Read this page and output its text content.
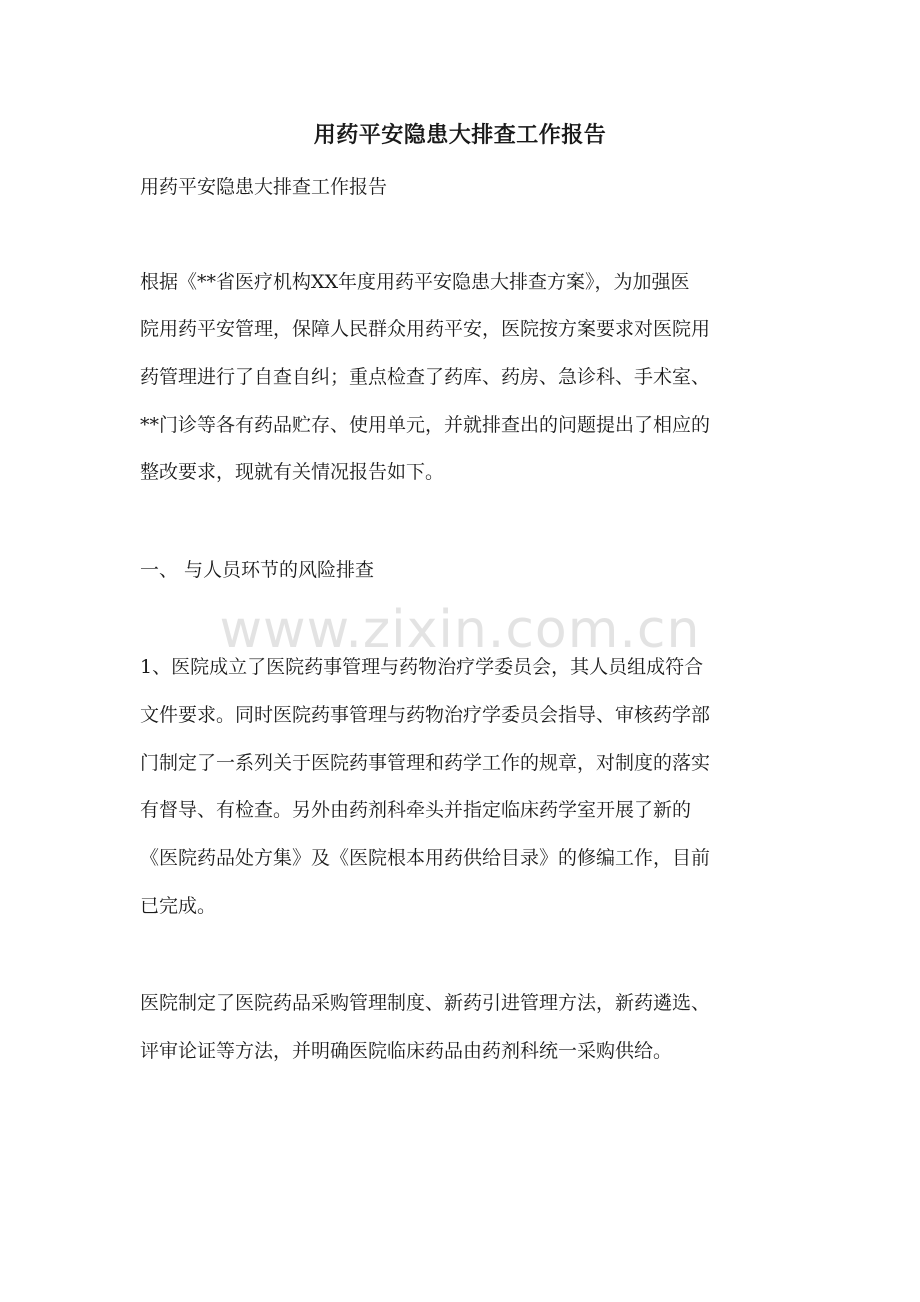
www.zixin.com.cn
用药平安隐患大排查工作报告

用药平安隐患大排查工作报告

根据《**省医疗机构XX年度用药平安隐患大排查方案》，为加强医

院用药平安管理，保障人民群众用药平安，医院按方案要求对医院用

药管理进行了自查自纠；重点检查了药库、药房、急诊科、手术室、

**门诊等各有药品贮存、使用单元，并就排查出的问题提出了相应的

整改要求，现就有关情况报告如下。

一、 与人员环节的风险排查

1、医院成立了医院药事管理与药物治疗学委员会，其人员组成符合

文件要求。同时医院药事管理与药物治疗学委员会指导、审核药学部

门制定了一系列关于医院药事管理和药学工作的规章，对制度的落实

有督导、有检查。另外由药剂科牵头并指定临床药学室开展了新的

《医院药品处方集》及《医院根本用药供给目录》的修编工作，目前

已完成。

医院制定了医院药品采购管理制度、新药引进管理方法，新药遴选、

评审论证等方法，并明确医院临床药品由药剂科统一采购供给。
